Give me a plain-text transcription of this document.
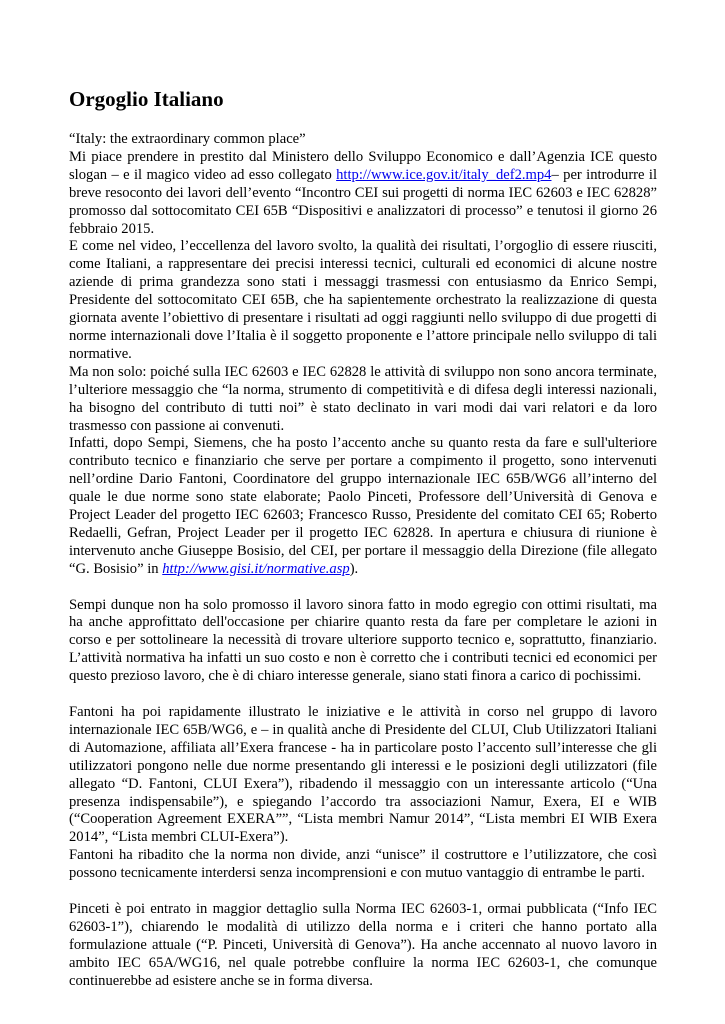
Orgoglio Italiano

“Italy: the extraordinary common place”

Mi piace prendere in prestito dal Ministero dello Sviluppo Economico e dall’Agenzia ICE questo slogan – e il magico video ad esso collegato http://www.ice.gov.it/italy_def2.mp4– per introdurre il breve resoconto dei lavori dell’evento “Incontro CEI sui progetti di norma IEC 62603 e IEC 62828” promosso dal sottocomitato CEI 65B “Dispositivi e analizzatori di processo” e tenutosi il giorno 26 febbraio 2015.

E come nel video, l’eccellenza del lavoro svolto, la qualità dei risultati, l’orgoglio di essere riusciti, come Italiani, a rappresentare dei precisi interessi tecnici, culturali ed economici di alcune nostre aziende di prima grandezza sono stati i messaggi trasmessi con entusiasmo da Enrico Sempi, Presidente del sottocomitato CEI 65B, che ha sapientemente orchestrato la realizzazione di questa giornata avente l’obiettivo di presentare i risultati ad oggi raggiunti nello sviluppo di due progetti di norme internazionali dove l’Italia è il soggetto proponente e l’attore principale nello sviluppo di tali normative.

Ma non solo: poiché sulla IEC 62603 e IEC 62828 le attività di sviluppo non sono ancora terminate, l’ulteriore messaggio che “la norma, strumento di competitività e di difesa degli interessi nazionali, ha bisogno del contributo di tutti noi” è stato declinato in vari modi dai vari relatori e da loro trasmesso con passione ai convenuti.

Infatti, dopo Sempi, Siemens, che ha posto l’accento anche su quanto resta da fare e sull'ulteriore contributo tecnico e finanziario che serve per portare a compimento il progetto, sono intervenuti nell’ordine Dario Fantoni, Coordinatore del gruppo internazionale IEC 65B/WG6 all’interno del quale le due norme sono state elaborate; Paolo Pinceti, Professore dell’Università di Genova e Project Leader del progetto IEC 62603; Francesco Russo, Presidente del comitato CEI 65; Roberto Redaelli, Gefran, Project Leader per il progetto IEC 62828. In apertura e chiusura di riunione è intervenuto anche Giuseppe Bosisio, del CEI, per portare il messaggio della Direzione (file allegato “G. Bosisio” in http://www.gisi.it/normative.asp).

Sempi dunque non ha solo promosso il lavoro sinora fatto in modo egregio con ottimi risultati, ma ha anche approfittato dell'occasione per chiarire quanto resta da fare per completare le azioni in corso e per sottolineare la necessità di trovare ulteriore supporto tecnico e, soprattutto, finanziario. L’attività normativa ha infatti un suo costo e non è corretto che i contributi tecnici ed economici per questo prezioso lavoro, che è di chiaro interesse generale, siano stati finora a carico di pochissimi.

Fantoni ha poi rapidamente illustrato le iniziative e le attività in corso nel gruppo di lavoro internazionale IEC 65B/WG6, e – in qualità anche di Presidente del CLUI, Club Utilizzatori Italiani di Automazione, affiliata all’Exera francese - ha in particolare posto l’accento sull’interesse che gli utilizzatori pongono nelle due norme presentando gli interessi e le posizioni degli utilizzatori (file allegato “D. Fantoni, CLUI Exera”), ribadendo il messaggio con un interessante articolo (“Una presenza indispensabile”), e spiegando l’accordo tra associazioni Namur, Exera, EI e WIB (“Cooperation Agreement EXERA””, “Lista membri Namur 2014”, “Lista membri EI WIB Exera 2014”, “Lista membri CLUI-Exera”).

Fantoni ha ribadito che la norma non divide, anzi “unisce” il costruttore e l’utilizzatore, che così possono tecnicamente interdersi senza incomprensioni e con mutuo vantaggio di entrambe le parti.

Pinceti è poi entrato in maggior dettaglio sulla Norma IEC 62603-1, ormai pubblicata (“Info IEC 62603-1”), chiarendo le modalità di utilizzo della norma e i criteri che hanno portato alla formulazione attuale (“P. Pinceti, Università di Genova”). Ha anche accennato al nuovo lavoro in ambito IEC 65A/WG16, nel quale potrebbe confluire la norma IEC 62603-1, che comunque continuerebbe ad esistere anche se in forma diversa.
